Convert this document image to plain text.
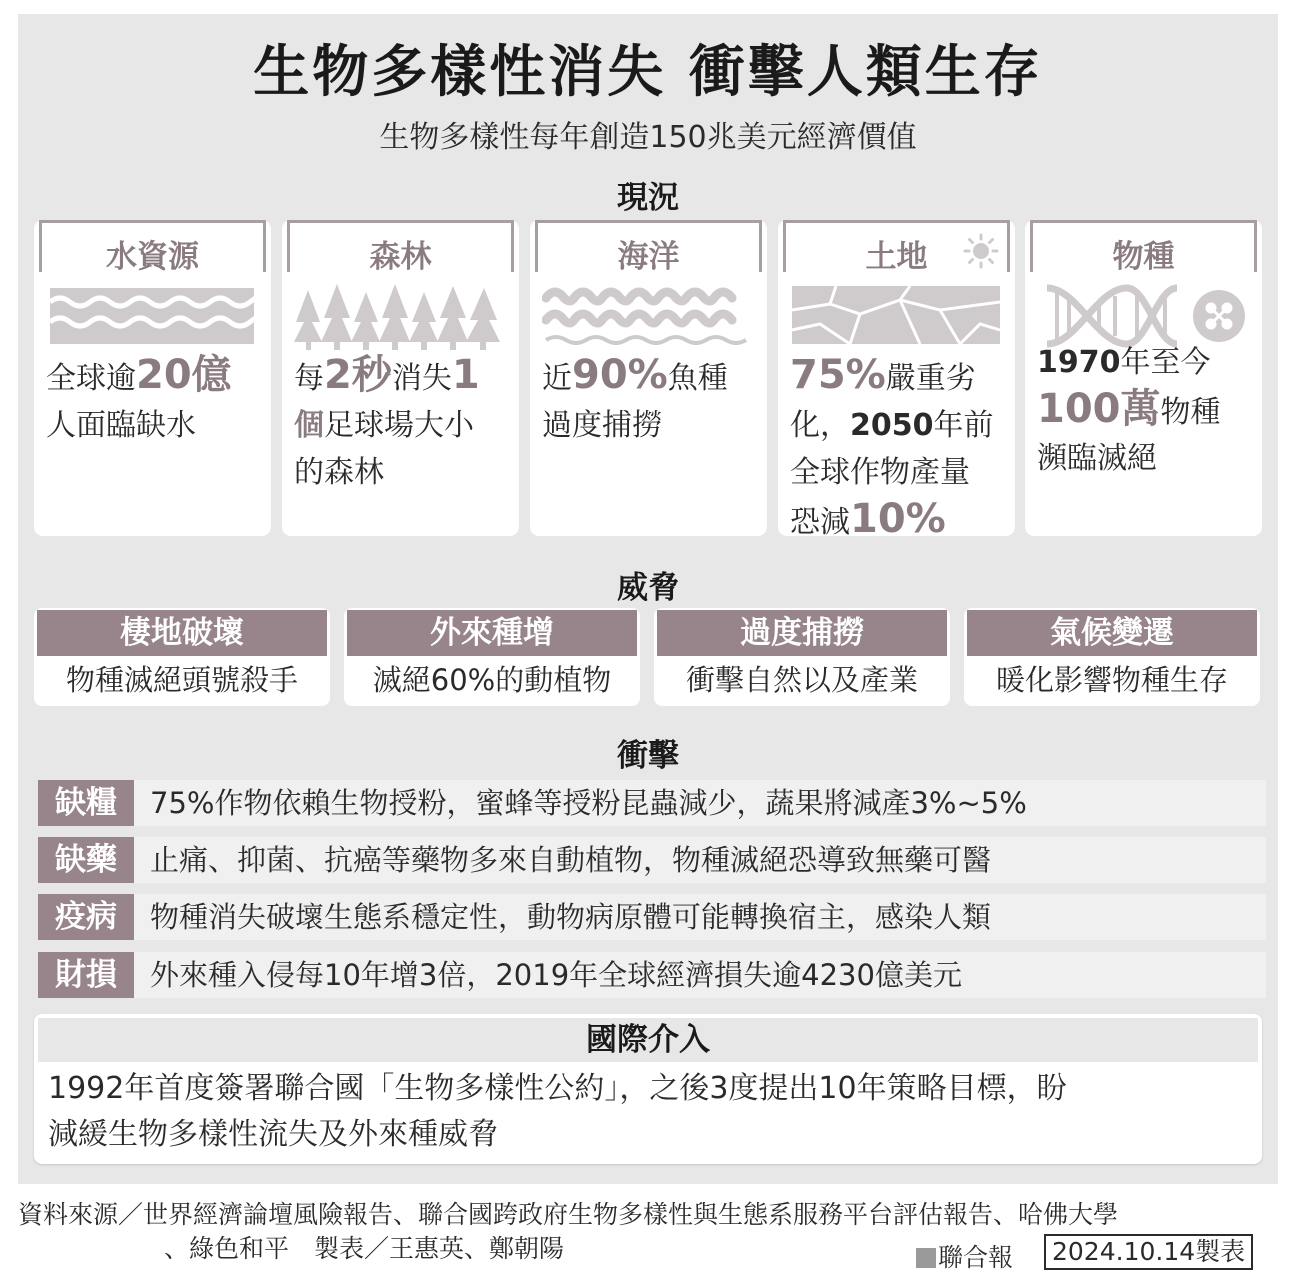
生物多樣性消失 衝擊人類生存
生物多樣性每年創造150兆美元經濟價值
現況
水資源
全球逾20億
人面臨缺水
森林
每2秒消失1
個足球場大小
的森林
海洋
近90%魚種
過度捕撈
土地
75%嚴重劣
化，2050年前
全球作物產量
恐減10%
物種
1970年至今
100萬物種
瀕臨滅絕
威脅
棲地破壞
物種滅絕頭號殺手
外來種增
滅絕60%的動植物
過度捕撈
衝擊自然以及產業
氣候變遷
暖化影響物種生存
衝擊
缺糧	75%作物依賴生物授粉，蜜蜂等授粉昆蟲減少，蔬果將減產3%~5%
缺藥	止痛、抑菌、抗癌等藥物多來自動植物，物種滅絕恐導致無藥可醫
疫病	物種消失破壞生態系穩定性，動物病原體可能轉換宿主，感染人類
財損	外來種入侵每10年增3倍，2019年全球經濟損失逾4230億美元
國際介入
1992年首度簽署聯合國「生物多樣性公約」，之後3度提出10年策略目標，盼
減緩生物多樣性流失及外來種威脅
資料來源／世界經濟論壇風險報告、聯合國跨政府生物多樣性與生態系服務平台評估報告、哈佛大學
、綠色和平　製表／王惠英、鄭朝陽	聯合報	2024.10.14製表
